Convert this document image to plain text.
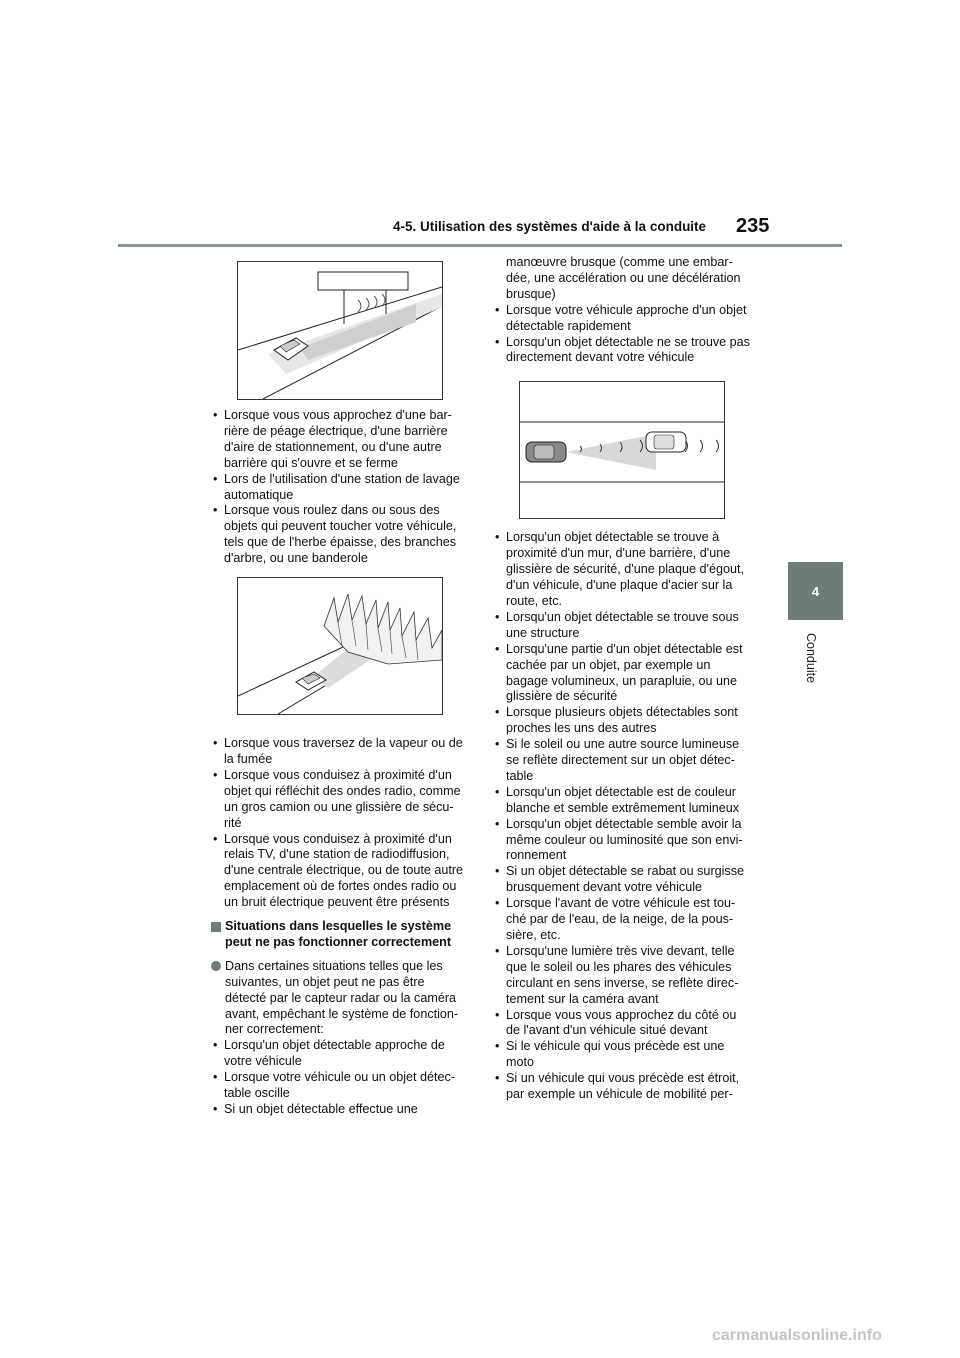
4-5. Utilisation des systèmes d'aide à la conduite 235
4
Conduite
• Lorsque vous vous approchez d'une bar-rière de péage électrique, d'une barrière d'aire de stationnement, ou d'une autre barrière qui s'ouvre et se ferme
• Lors de l'utilisation d'une station de lavage automatique
• Lorsque vous roulez dans ou sous des objets qui peuvent toucher votre véhicule, tels que de l'herbe épaisse, des branches d'arbre, ou une banderole
• Lorsque vous traversez de la vapeur ou de la fumée
• Lorsque vous conduisez à proximité d'un objet qui réfléchit des ondes radio, comme un gros camion ou une glissière de sécu-rité
• Lorsque vous conduisez à proximité d'un relais TV, d'une station de radiodiffusion, d'une centrale électrique, ou de toute autre emplacement où de fortes ondes radio ou un bruit électrique peuvent être présents
Situations dans lesquelles le système peut ne pas fonctionner correctement
Dans certaines situations telles que les suivantes, un objet peut ne pas être détecté par le capteur radar ou la caméra avant, empêchant le système de fonction-ner correctement:
• Lorsqu'un objet détectable approche de votre véhicule
• Lorsque votre véhicule ou un objet détec-table oscille
• Si un objet détectable effectue une
manœuvre brusque (comme une embar-dée, une accélération ou une décélération brusque)
• Lorsque votre véhicule approche d'un objet détectable rapidement
• Lorsqu'un objet détectable ne se trouve pas directement devant votre véhicule
• Lorsqu'un objet détectable se trouve à proximité d'un mur, d'une barrière, d'une glissière de sécurité, d'une plaque d'égout, d'un véhicule, d'une plaque d'acier sur la route, etc.
• Lorsqu'un objet détectable se trouve sous une structure
• Lorsqu'une partie d'un objet détectable est cachée par un objet, par exemple un bagage volumineux, un parapluie, ou une glissière de sécurité
• Lorsque plusieurs objets détectables sont proches les uns des autres
• Si le soleil ou une autre source lumineuse se reflète directement sur un objet détec-table
• Lorsqu'un objet détectable est de couleur blanche et semble extrêmement lumineux
• Lorsqu'un objet détectable semble avoir la même couleur ou luminosité que son envi-ronnement
• Si un objet détectable se rabat ou surgisse brusquement devant votre véhicule
• Lorsque l'avant de votre véhicule est tou-ché par de l'eau, de la neige, de la pous-sière, etc.
• Lorsqu'une lumière très vive devant, telle que le soleil ou les phares des véhicules circulant en sens inverse, se reflète direc-tement sur la caméra avant
• Lorsque vous vous approchez du côté ou de l'avant d'un véhicule situé devant
• Si le véhicule qui vous précède est une moto
• Si un véhicule qui vous précède est étroit, par exemple un véhicule de mobilité per-
carmanualsonline.info
